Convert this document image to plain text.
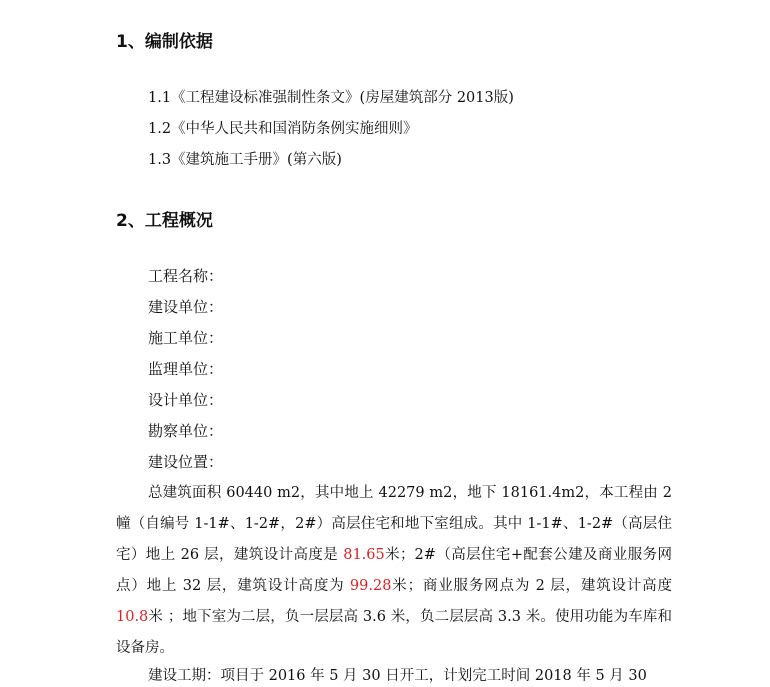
1、编制依据
1.1《工程建设标准强制性条文》(房屋建筑部分 2013版)
1.2《中华人民共和国消防条例实施细则》
1.3《建筑施工手册》(第六版)
2、工程概况
工程名称：
建设单位：
施工单位：
监理单位：
设计单位：
勘察单位：
建设位置：
总建筑面积 60440 m2，其中地上 42279 m2，地下 18161.4m2，本工程由 2 幢（自编号 1-1#、1-2#，2#）高层住宅和地下室组成。其中 1-1#、1-2#（高层住宅）地上 26 层，建筑设计高度是 81.65米；2#（高层住宅+配套公建及商业服务网点）地上 32 层，建筑设计高度为 99.28米；商业服务网点为 2 层，建筑设计高度 10.8米 ；地下室为二层，负一层层高 3.6 米，负二层层高 3.3 米。使用功能为车库和设备房。
建设工期：项目于 2016 年 5 月 30 日开工，计划完工时间 2018 年 5 月 30
